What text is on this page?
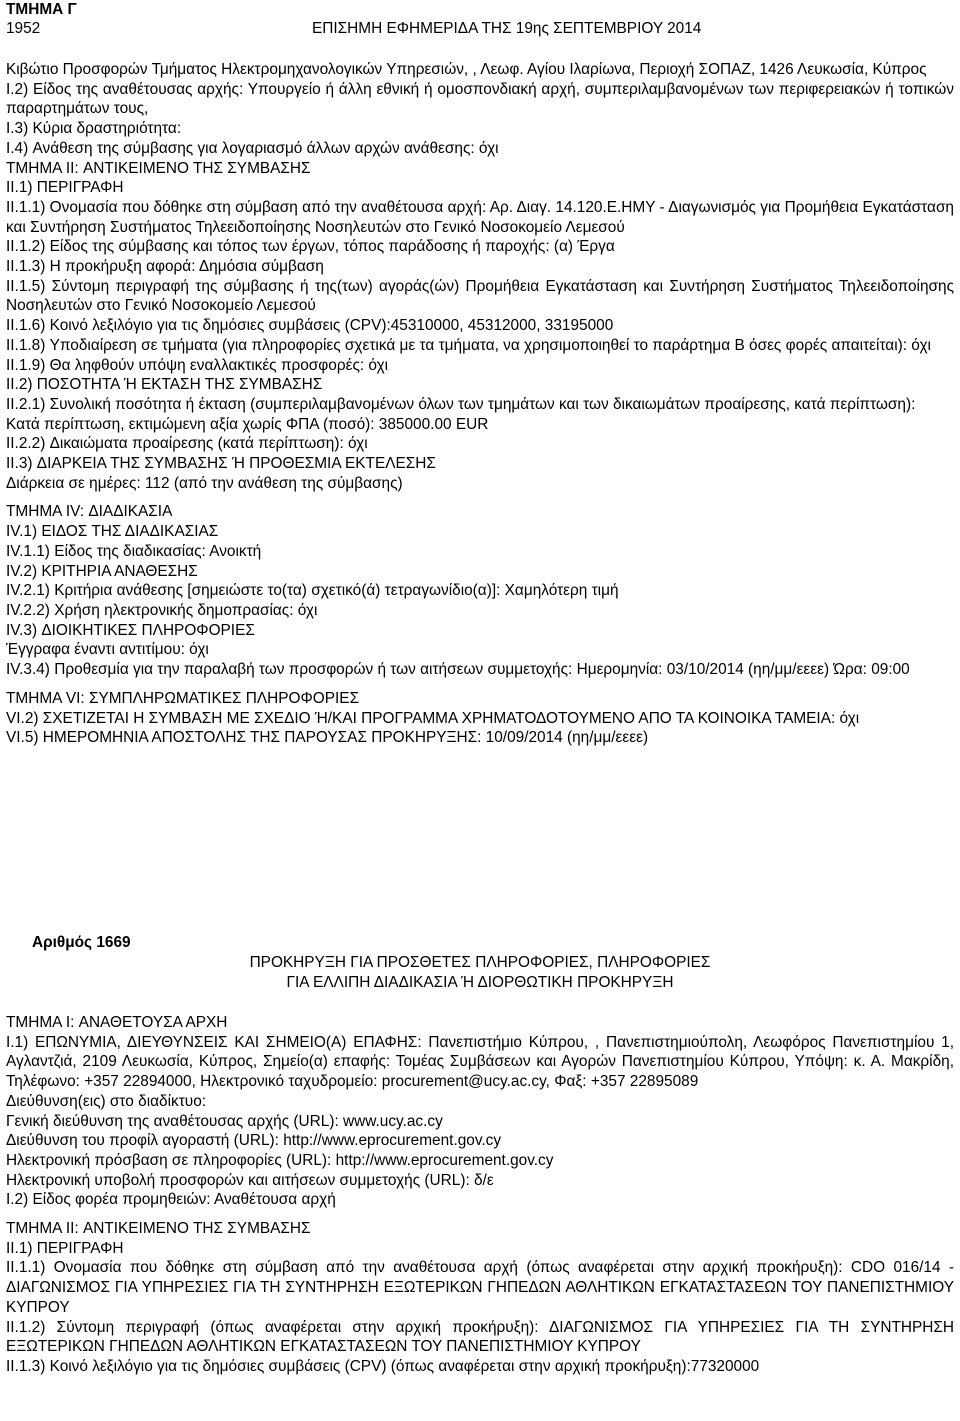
ΤΜΗΜΑ Γ
1952	ΕΠΙΣΗΜΗ ΕΦΗΜΕΡΙΔΑ ΤΗΣ 19ης ΣΕΠΤΕΜΒΡΙΟΥ 2014

Κιβώτιο Προσφορών Τμήματος Ηλεκτρομηχανολογικών Υπηρεσιών, , Λεωφ. Αγίου Ιλαρίωνα, Περιοχή ΣΟΠΑΖ, 1426 Λευκωσία, Κύπρος

I.2) Είδος της αναθέτουσας αρχής: Υπουργείο ή άλλη εθνική ή ομοσπονδιακή αρχή, συμπεριλαμβανομένων των περιφερειακών ή τοπικών παραρτημάτων τους,

I.3) Κύρια δραστηριότητα:

I.4) Ανάθεση της σύμβασης για λογαριασμό άλλων αρχών ανάθεσης: όχι

ΤΜΗΜΑ II: ΑΝΤΙΚΕΙΜΕΝΟ ΤΗΣ ΣΥΜΒΑΣΗΣ

II.1) ΠΕΡΙΓΡΑΦΗ

II.1.1) Ονομασία που δόθηκε στη σύμβαση από την αναθέτουσα αρχή: Αρ. Διαγ. 14.120.Ε.ΗΜΥ - Διαγωνισμός για Προμήθεια Εγκατάσταση και Συντήρηση Συστήματος Τηλεειδοποίησης Νοσηλευτών στο Γενικό Νοσοκομείο Λεμεσού

II.1.2) Είδος της σύμβασης και τόπος των έργων, τόπος παράδοσης ή παροχής: (α) Έργα

II.1.3) Η προκήρυξη αφορά: Δημόσια σύμβαση

II.1.5) Σύντομη περιγραφή της σύμβασης ή της(των) αγοράς(ών) Προμήθεια Εγκατάσταση και Συντήρηση Συστήματος Τηλεειδοποίησης Νοσηλευτών στο Γενικό Νοσοκομείο Λεμεσού

II.1.6) Κοινό λεξιλόγιο για τις δημόσιες συμβάσεις (CPV):45310000, 45312000, 33195000

II.1.8) Υποδιαίρεση σε τμήματα (για πληροφορίες σχετικά με τα τμήματα, να χρησιμοποιηθεί το παράρτημα Β όσες φορές απαιτείται): όχι

II.1.9) Θα ληφθούν υπόψη εναλλακτικές προσφορές: όχι

II.2) ΠΟΣΟΤΗΤΑ Ή ΕΚΤΑΣΗ ΤΗΣ ΣΥΜΒΑΣΗΣ

II.2.1) Συνολική ποσότητα ή έκταση (συμπεριλαμβανομένων όλων των τμημάτων και των δικαιωμάτων προαίρεσης, κατά περίπτωση):

Κατά περίπτωση, εκτιμώμενη αξία χωρίς ΦΠΑ (ποσό): 385000.00 EUR

II.2.2) Δικαιώματα προαίρεσης (κατά περίπτωση): όχι

II.3) ΔΙΑΡΚΕΙΑ ΤΗΣ ΣΥΜΒΑΣΗΣ Ή ΠΡΟΘΕΣΜΙΑ ΕΚΤΕΛΕΣΗΣ

Διάρκεια σε ημέρες: 112 (από την ανάθεση της σύμβασης)

ΤΜΗΜΑ IV: ΔΙΑΔΙΚΑΣΙΑ

IV.1) ΕΙΔΟΣ ΤΗΣ ΔΙΑΔΙΚΑΣΙΑΣ

IV.1.1) Είδος της διαδικασίας: Ανοικτή

IV.2) ΚΡΙΤΗΡΙΑ ΑΝΑΘΕΣΗΣ

IV.2.1) Κριτήρια ανάθεσης [σημειώστε το(τα) σχετικό(ά) τετραγωνίδιο(α)]: Χαμηλότερη τιμή

IV.2.2) Χρήση ηλεκτρονικής δημοπρασίας: όχι

IV.3) ΔΙΟΙΚΗΤΙΚΕΣ ΠΛΗΡΟΦΟΡΙΕΣ

Έγγραφα έναντι αντιτίμου: όχι

IV.3.4) Προθεσμία για την παραλαβή των προσφορών ή των αιτήσεων συμμετοχής: Ημερομηνία: 03/10/2014 (ηη/μμ/εεεε) Ώρα: 09:00

ΤΜΗΜΑ VI: ΣΥΜΠΛΗΡΩΜΑΤΙΚΕΣ ΠΛΗΡΟΦΟΡΙΕΣ

VI.2) ΣΧΕΤΙΖΕΤΑΙ Η ΣΥΜΒΑΣΗ ΜΕ ΣΧΕΔΙΟ Ή/ΚΑΙ ΠΡΟΓΡΑΜΜΑ ΧΡΗΜΑΤΟΔΟΤΟΥΜΕΝΟ ΑΠΟ ΤΑ ΚΟΙΝΟΙΚΑ ΤΑΜΕΙΑ: όχι

VI.5) ΗΜΕΡΟΜΗΝΙΑ ΑΠΟΣΤΟΛΗΣ ΤΗΣ ΠΑΡΟΥΣΑΣ ΠΡΟΚΗΡΥΞΗΣ: 10/09/2014 (ηη/μμ/εεεε)

Αριθμός 1669
ΠΡΟΚΗΡΥΞΗ ΓΙΑ ΠΡΟΣΘΕΤΕΣ ΠΛΗΡΟΦΟΡΙΕΣ, ΠΛΗΡΟΦΟΡΙΕΣ
ΓΙΑ ΕΛΛΙΠΗ ΔΙΑΔΙΚΑΣΙΑ Ή ΔΙΟΡΘΩΤΙΚΗ ΠΡΟΚΗΡΥΞΗ

ΤΜΗΜΑ I: ΑΝΑΘΕΤΟΥΣΑ ΑΡΧΗ

I.1) ΕΠΩΝΥΜΙΑ, ΔΙΕΥΘΥΝΣΕΙΣ ΚΑΙ ΣΗΜΕΙΟ(Α) ΕΠΑΦΗΣ: Πανεπιστήμιο Κύπρου, , Πανεπιστημιούπολη, Λεωφόρος Πανεπιστημίου 1, Αγλαντζιά, 2109 Λευκωσία, Κύπρος, Σημείο(α) επαφής: Τομέας Συμβάσεων και Αγορών Πανεπιστημίου Κύπρου, Υπόψη: κ. Α. Μακρίδη, Τηλέφωνο: +357 22894000, Ηλεκτρονικό ταχυδρομείο: procurement@ucy.ac.cy, Φαξ: +357 22895089

Διεύθυνση(εις) στο διαδίκτυο:

Γενική διεύθυνση της αναθέτουσας αρχής (URL): www.ucy.ac.cy

Διεύθυνση του προφίλ αγοραστή (URL): http://www.eprocurement.gov.cy

Ηλεκτρονική πρόσβαση σε πληροφορίες (URL): http://www.eprocurement.gov.cy

Ηλεκτρονική υποβολή προσφορών και αιτήσεων συμμετοχής (URL): δ/ε

I.2) Είδος φορέα προμηθειών: Αναθέτουσα αρχή

ΤΜΗΜΑ II: ΑΝΤΙΚΕΙΜΕΝΟ ΤΗΣ ΣΥΜΒΑΣΗΣ

II.1) ΠΕΡΙΓΡΑΦΗ

II.1.1) Ονομασία που δόθηκε στη σύμβαση από την αναθέτουσα αρχή (όπως αναφέρεται στην αρχική προκήρυξη): CDO 016/14 - ΔΙΑΓΩΝΙΣΜΟΣ ΓΙΑ ΥΠΗΡΕΣΙΕΣ ΓΙΑ ΤΗ ΣΥΝΤΗΡΗΣΗ ΕΞΩΤΕΡΙΚΩΝ ΓΗΠΕΔΩΝ ΑΘΛΗΤΙΚΩΝ ΕΓΚΑΤΑΣΤΑΣΕΩΝ ΤΟΥ ΠΑΝΕΠΙΣΤΗΜΙΟΥ ΚΥΠΡΟΥ

II.1.2) Σύντομη περιγραφή (όπως αναφέρεται στην αρχική προκήρυξη): ΔΙΑΓΩΝΙΣΜΟΣ ΓΙΑ ΥΠΗΡΕΣΙΕΣ ΓΙΑ ΤΗ ΣΥΝΤΗΡΗΣΗ ΕΞΩΤΕΡΙΚΩΝ ΓΗΠΕΔΩΝ ΑΘΛΗΤΙΚΩΝ ΕΓΚΑΤΑΣΤΑΣΕΩΝ ΤΟΥ ΠΑΝΕΠΙΣΤΗΜΙΟΥ ΚΥΠΡΟΥ

II.1.3) Κοινό λεξιλόγιο για τις δημόσιες συμβάσεις (CPV) (όπως αναφέρεται στην αρχική προκήρυξη):77320000
